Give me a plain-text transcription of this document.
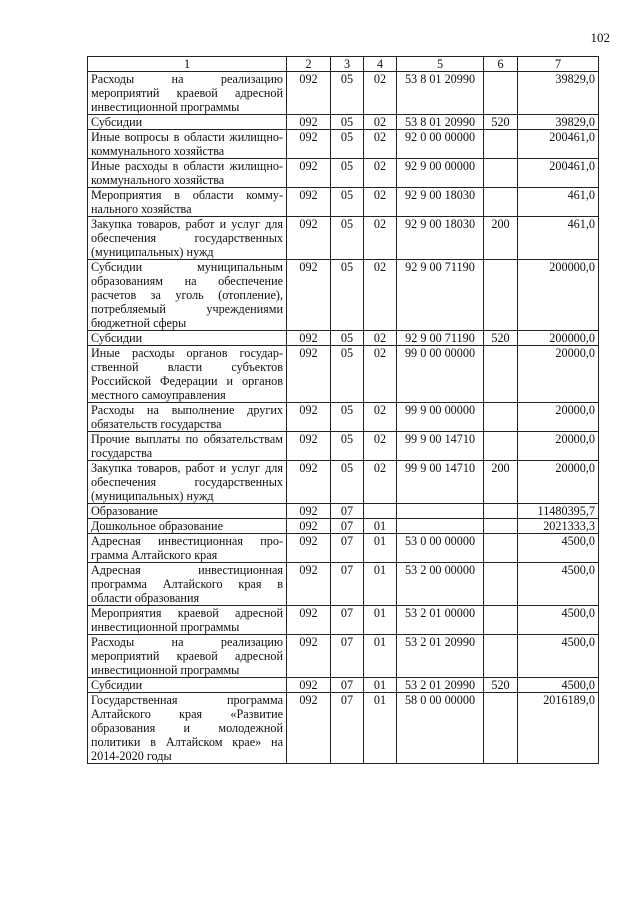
102
1	2	3	4	5	6	7
Расходы на реализацию мероприятий краевой адресной инвестиционной программы	092	05	02	53 8 01 20990		39829,0
Субсидии	092	05	02	53 8 01 20990	520	39829,0
Иные вопросы в области жилищно-коммунального хозяйства	092	05	02	92 0 00 00000		200461,0
Иные расходы в области жилищно-коммунального хозяйства	092	05	02	92 9 00 00000		200461,0
Мероприятия в области коммунального хозяйства	092	05	02	92 9 00 18030		461,0
Закупка товаров, работ и услуг для обеспечения государственных (муниципальных) нужд	092	05	02	92 9 00 18030	200	461,0
Субсидии муниципальным образованиям на обеспечение расчетов за уголь (отопление), потребляемый учреждениями бюджетной сферы	092	05	02	92 9 00 71190		200000,0
Субсидии	092	05	02	92 9 00 71190	520	200000,0
Иные расходы органов государственной власти субъектов Российской Федерации и органов местного самоуправления	092	05	02	99 0 00 00000		20000,0
Расходы на выполнение других обязательств государства	092	05	02	99 9 00 00000		20000,0
Прочие выплаты по обязательствам государства	092	05	02	99 9 00 14710		20000,0
Закупка товаров, работ и услуг для обеспечения государственных (муниципальных) нужд	092	05	02	99 9 00 14710	200	20000,0
Образование	092	07				11480395,7
Дошкольное образование	092	07	01			2021333,3
Адресная инвестиционная программа Алтайского края	092	07	01	53 0 00 00000		4500,0
Адресная инвестиционная программа Алтайского края в области образования	092	07	01	53 2 00 00000		4500,0
Мероприятия краевой адресной инвестиционной программы	092	07	01	53 2 01 00000		4500,0
Расходы на реализацию мероприятий краевой адресной инвестиционной программы	092	07	01	53 2 01 20990		4500,0
Субсидии	092	07	01	53 2 01 20990	520	4500,0
Государственная программа Алтайского края «Развитие образования и молодежной политики в Алтайском крае» на 2014-2020 годы	092	07	01	58 0 00 00000		2016189,0
